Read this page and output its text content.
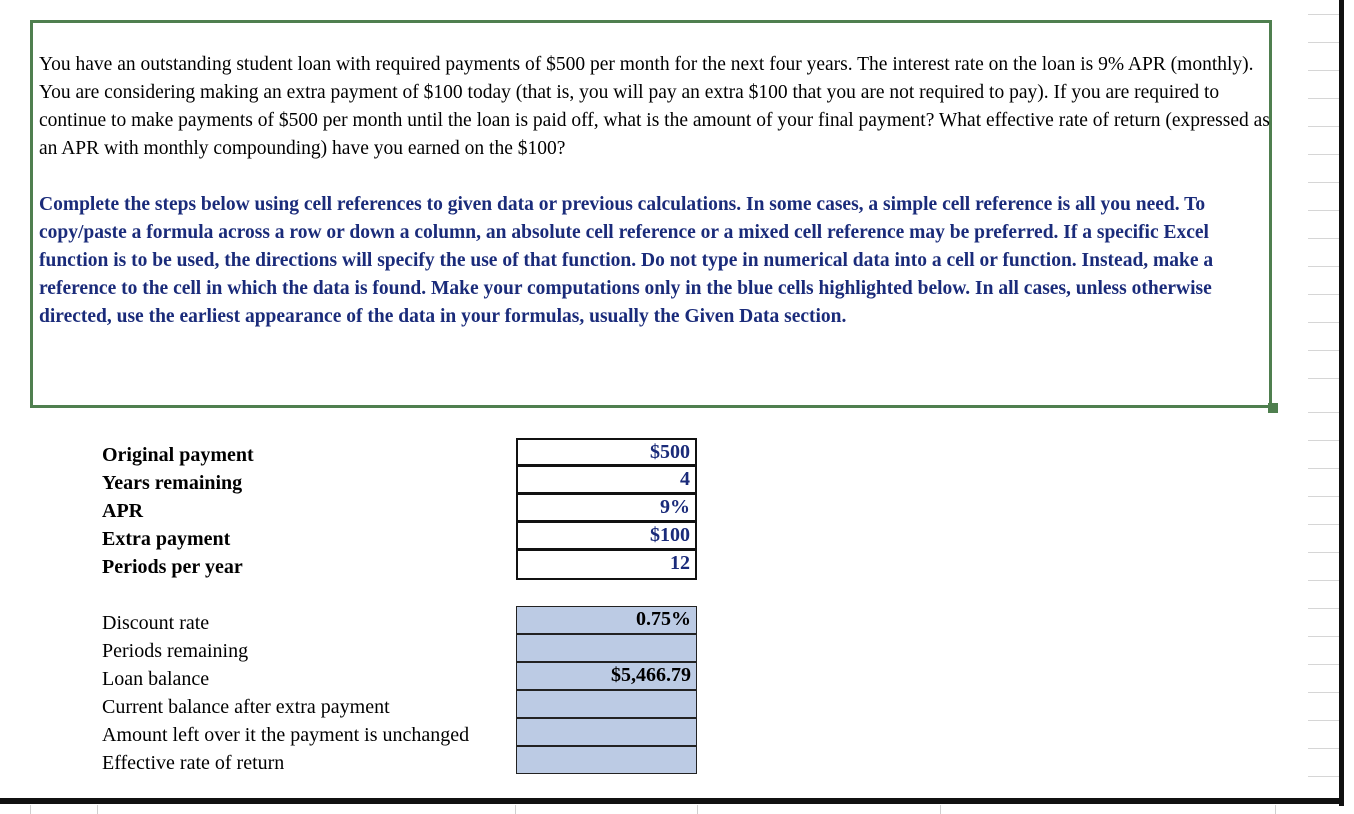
You have an outstanding student loan with required payments of $500 per month for the next four years. The interest rate on the loan is 9% APR (monthly). You are considering making an extra payment of $100 today (that is, you will pay an extra $100 that you are not required to pay). If you are required to continue to make payments of $500 per month until the loan is paid off, what is the amount of your final payment? What effective rate of return (expressed as an APR with monthly compounding) have you earned on the $100?

Complete the steps below using cell references to given data or previous calculations. In some cases, a simple cell reference is all you need. To copy/paste a formula across a row or down a column, an absolute cell reference or a mixed cell reference may be preferred. If a specific Excel function is to be used, the directions will specify the use of that function. Do not type in numerical data into a cell or function. Instead, make a reference to the cell in which the data is found. Make your computations only in the blue cells highlighted below. In all cases, unless otherwise directed, use the earliest appearance of the data in your formulas, usually the Given Data section.

Original payment
Years remaining
APR
Extra payment
Periods per year
$500
4
9%
$100
12
Discount rate
Periods remaining
Loan balance
Current balance after extra payment
Amount left over it the payment is unchanged
Effective rate of return
0.75%
$5,466.79
